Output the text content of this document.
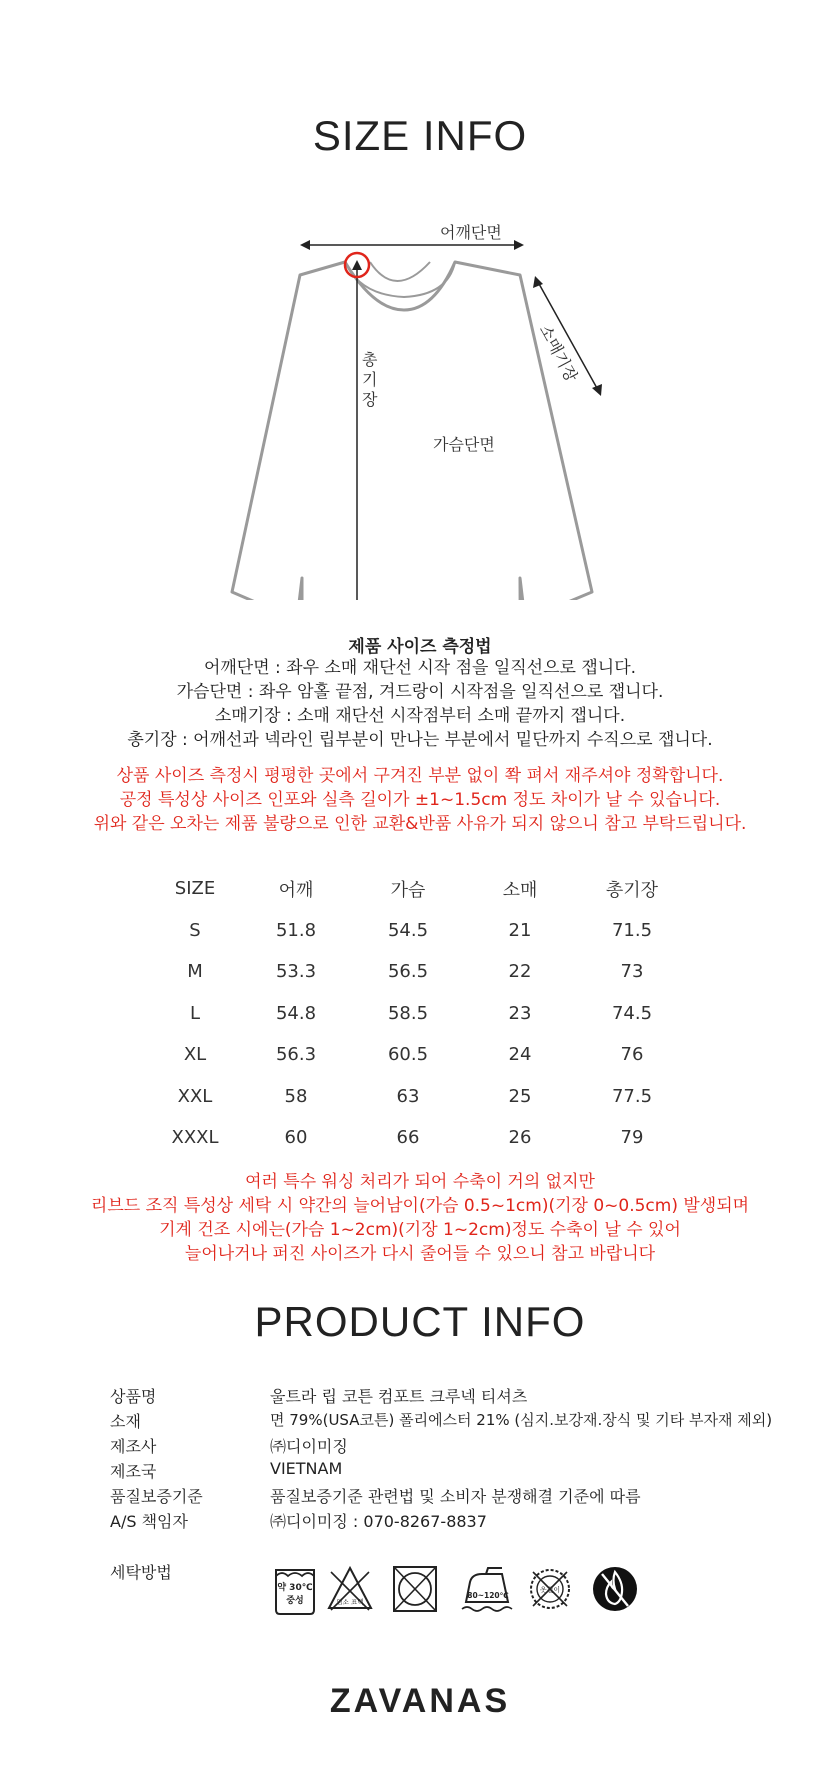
SIZE INFO
어깨단면
소매기장
총기장
가슴단면
제품 사이즈 측정법
어깨단면 : 좌우 소매 재단선 시작 점을 일직선으로 잽니다.
가슴단면 : 좌우 암홀 끝점, 겨드랑이 시작점을 일직선으로 잽니다.
소매기장 : 소매 재단선 시작점부터 소매 끝까지 잽니다.
총기장 : 어깨선과 넥라인 립부분이 만나는 부분에서 밑단까지 수직으로 잽니다.
상품 사이즈 측정시 평평한 곳에서 구겨진 부분 없이 쫙 펴서 재주셔야 정확합니다.
공정 특성상 사이즈 인포와 실측 길이가 ±1~1.5cm 정도 차이가 날 수 있습니다.
위와 같은 오차는 제품 불량으로 인한 교환&반품 사유가 되지 않으니 참고 부탁드립니다.
SIZE	어깨	가슴	소매	총기장
S	51.8	54.5	21	71.5
M	53.3	56.5	22	73
L	54.8	58.5	23	74.5
XL	56.3	60.5	24	76
XXL	58	63	25	77.5
XXXL	60	66	26	79
여러 특수 워싱 처리가 되어 수축이 거의 없지만
리브드 조직 특성상 세탁 시 약간의 늘어남이(가슴 0.5~1cm)(기장 0~0.5cm) 발생되며
기계 건조 시에는(가슴 1~2cm)(기장 1~2cm)정도 수축이 날 수 있어
늘어나거나 퍼진 사이즈가 다시 줄어들 수 있으니 참고 바랍니다
PRODUCT INFO
상품명	울트라 립 코튼 컴포트 크루넥 티셔츠
소재	면 79%(USA코튼) 폴리에스터 21% (심지.보강재.장식 및 기타 부자재 제외)
제조사	㈜디이미징
제조국	VIETNAM
품질보증기준	품질보증기준 관련법 및 소비자 분쟁해결 기준에 따름
A/S 책임자	㈜디이미징 : 070-8267-8837
세탁방법
약 30℃
중성	염소 표백
80~120℃
옷걸이
ZAVANAS
